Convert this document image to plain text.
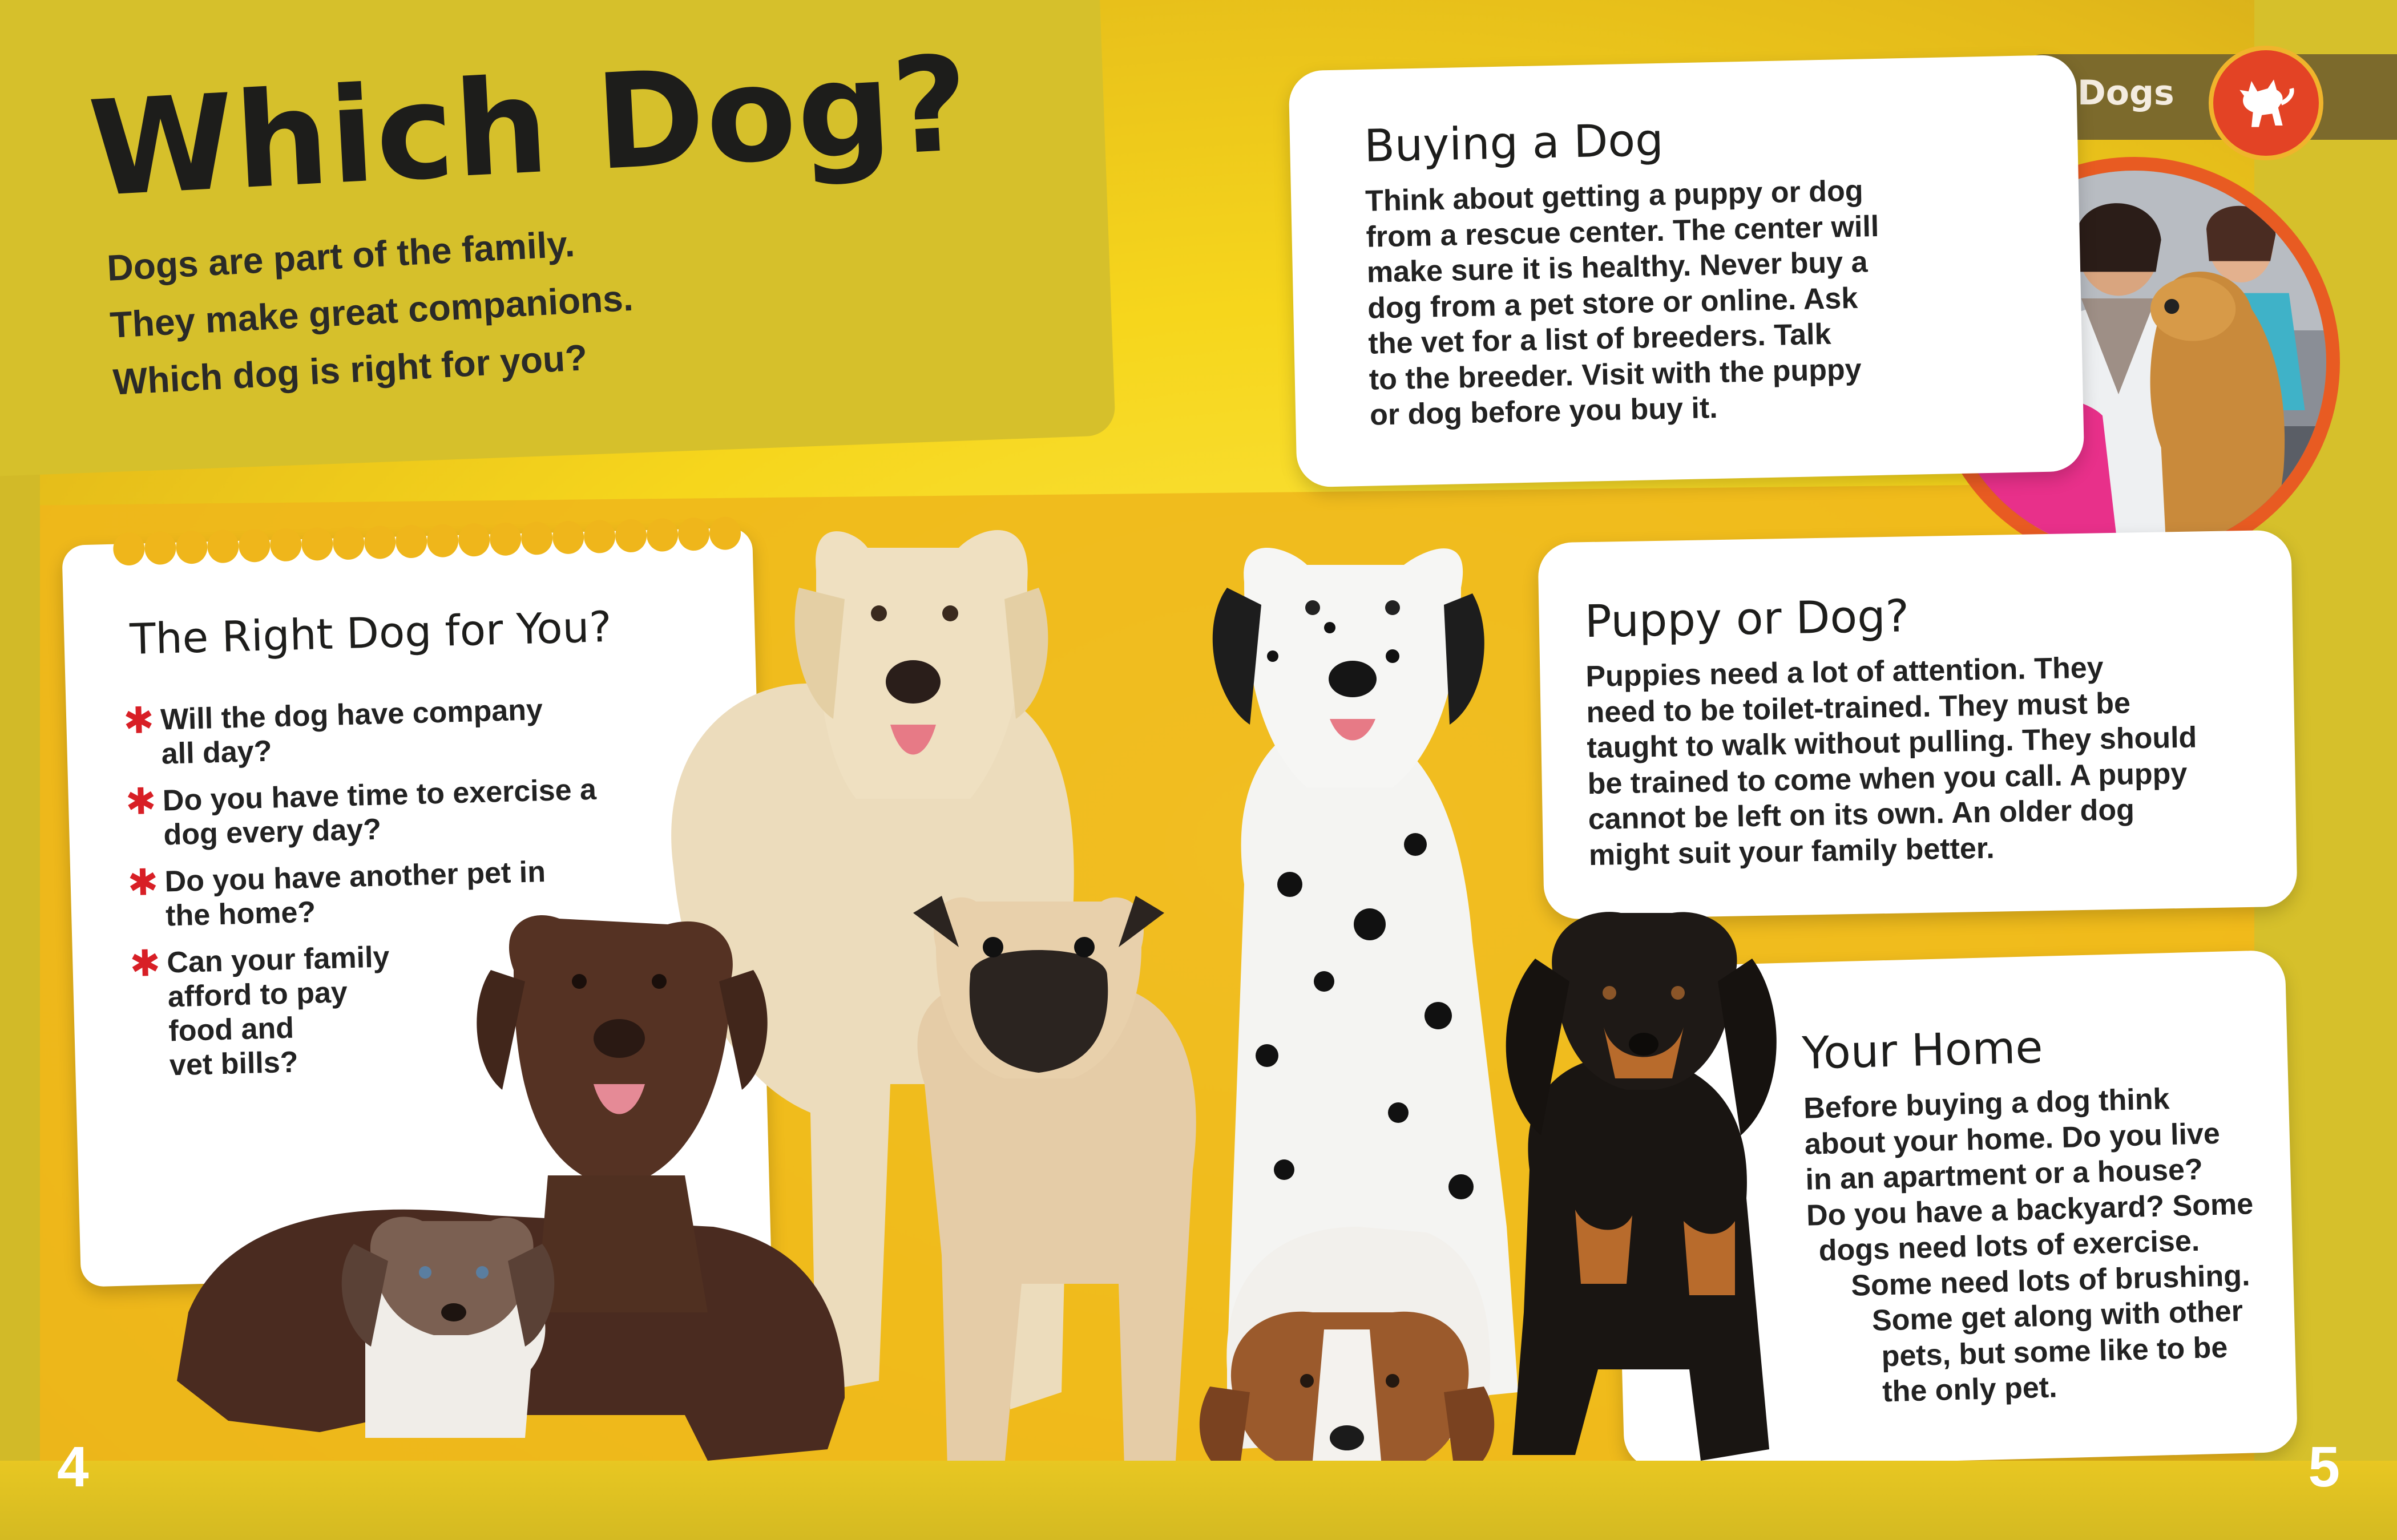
Which Dog?

Dogs are part of the family.

They make great companions.

Which dog is right for you?

Dogs
Buying a Dog
Think about getting a puppy or dog
from a rescue center. The center will
make sure it is healthy. Never buy a
dog from a pet store or online. Ask
the vet for a list of breeders. Talk
to the breeder. Visit with the puppy
or dog before you buy it.
Puppy or Dog?
Puppies need a lot of attention. They
need to be toilet-trained. They must be
taught to walk without pulling. They should
be trained to come when you call. A puppy
cannot be left on its own. An older dog
might suit your family better.
Your Home
Before buying a dog think
about your home. Do you live
in an apartment or a house?
Do you have a backyard? Some
dogs need lots of exercise.
Some need lots of brushing.
Some get along with other
pets, but some like to be
the only pet.
The Right Dog for You?
✱ Will the dog have company
all day?
✱ Do you have time to exercise a
dog every day?
✱ Do you have another pet in
the home?
✱ Can your family
afford to pay
food and
vet bills?
4	5
